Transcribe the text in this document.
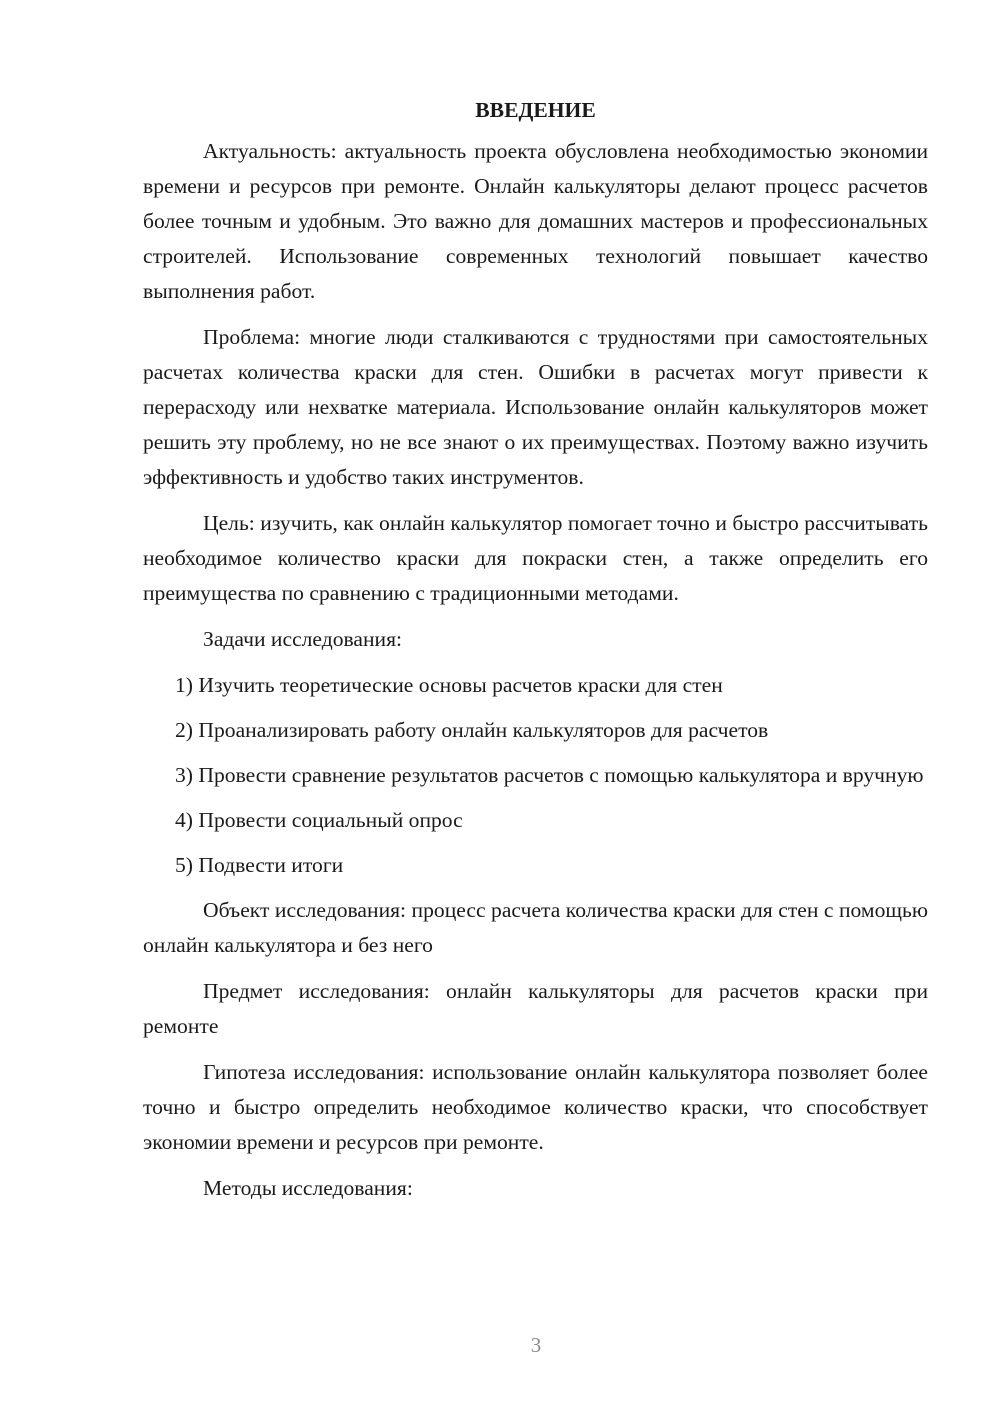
ВВЕДЕНИЕ

Актуальность: актуальность проекта обусловлена необходимостью экономии времени и ресурсов при ремонте. Онлайн калькуляторы делают процесс расчетов более точным и удобным. Это важно для домашних мастеров и профессиональных строителей. Использование современных технологий повышает качество выполнения работ.

Проблема: многие люди сталкиваются с трудностями при самостоятельных расчетах количества краски для стен. Ошибки в расчетах могут привести к перерасходу или нехватке материала. Использование онлайн калькуляторов может решить эту проблему, но не все знают о их преимуществах. Поэтому важно изучить эффективность и удобство таких инструментов.

Цель: изучить, как онлайн калькулятор помогает точно и быстро рассчитывать необходимое количество краски для покраски стен, а также определить его преимущества по сравнению с традиционными методами.

Задачи исследования:

1) Изучить теоретические основы расчетов краски для стен

2) Проанализировать работу онлайн калькуляторов для расчетов

3) Провести сравнение результатов расчетов с помощью калькулятора и вручную

4) Провести социальный опрос

5) Подвести итоги

Объект исследования: процесс расчета количества краски для стен с помощью онлайн калькулятора и без него

Предмет исследования: онлайн калькуляторы для расчетов краски при ремонте

Гипотеза исследования: использование онлайн калькулятора позволяет более точно и быстро определить необходимое количество краски, что способствует экономии времени и ресурсов при ремонте.

Методы исследования:

3
